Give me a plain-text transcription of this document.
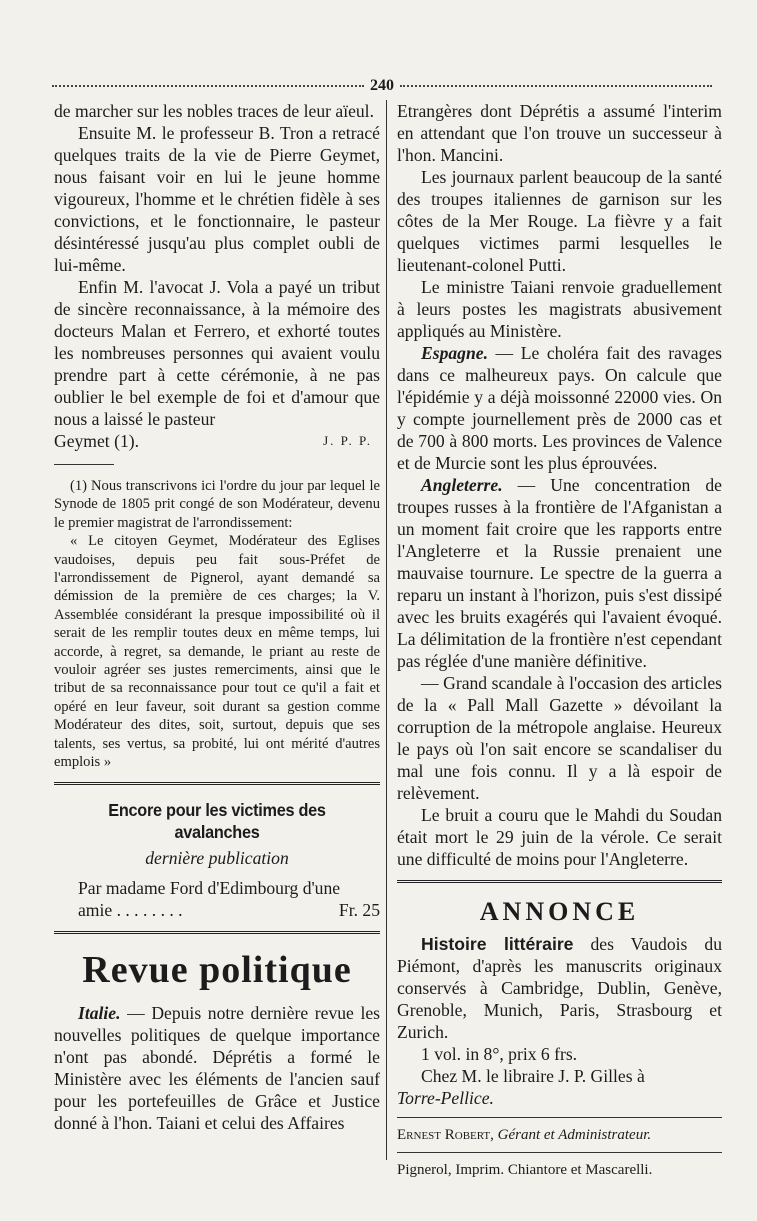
240

de marcher sur les nobles traces de leur aïeul.

Ensuite M. le professeur B. Tron a retracé quelques traits de la vie de Pierre Geymet, nous faisant voir en lui le jeune homme vigoureux, l'homme et le chrétien fidèle à ses convictions, et le fonctionnaire, le pasteur désintéressé jusqu'au plus complet oubli de lui-même.

Enfin M. l'avocat J. Vola a payé un tribut de sincère reconnaissance, à la mémoire des docteurs Malan et Ferrero, et exhorté toutes les nombreuses personnes qui avaient voulu prendre part à cette cérémonie, à ne pas oublier le bel exemple de foi et d'amour que nous a laissé le pasteur

Geymet (1).	J. P. P.

(1) Nous transcrivons ici l'ordre du jour par lequel le Synode de 1805 prit congé de son Modérateur, devenu le premier magistrat de l'arrondissement:

« Le citoyen Geymet, Modérateur des Eglises vaudoises, depuis peu fait sous-Préfet de l'arrondissement de Pignerol, ayant demandé sa démission de la première de ces charges; la V. Assemblée considérant la presque impossibilité où il serait de les remplir toutes deux en même temps, lui accorde, à regret, sa demande, le priant au reste de vouloir agréer ses justes remerciments, ainsi que le tribut de sa reconnaissance pour tout ce qu'il a fait et opéré en leur faveur, soit durant sa gestion comme Modérateur des dites, soit, surtout, depuis que ses talents, ses vertus, sa probité, lui ont mérité d'autres emplois »

Encore pour les victimes des avalanches
dernière publication

Par madame Ford d'Edimbourg d'une

amie . . . . . . . .	Fr. 25
Revue politique

Italie. — Depuis notre dernière revue les nouvelles politiques de quelque importance n'ont pas abondé. Déprétis a formé le Ministère avec les éléments de l'ancien sauf pour les portefeuilles de Grâce et Justice donné à l'hon. Taiani et celui des Affaires

Etrangères dont Déprétis a assumé l'interim en attendant que l'on trouve un successeur à l'hon. Mancini.

Les journaux parlent beaucoup de la santé des troupes italiennes de garnison sur les côtes de la Mer Rouge. La fièvre y a fait quelques victimes parmi lesquelles le lieutenant-colonel Putti.

Le ministre Taiani renvoie graduellement à leurs postes les magistrats abusivement appliqués au Ministère.

Espagne. — Le choléra fait des ravages dans ce malheureux pays. On calcule que l'épidémie y a déjà moissonné 22000 vies. On y compte journellement près de 2000 cas et de 700 à 800 morts. Les provinces de Valence et de Murcie sont les plus éprouvées.

Angleterre. — Une concentration de troupes russes à la frontière de l'Afganistan a un moment fait croire que les rapports entre l'Angleterre et la Russie prenaient une mauvaise tournure. Le spectre de la guerra a reparu un instant à l'horizon, puis s'est dissipé avec les bruits exagérés qui l'avaient évoqué. La délimitation de la frontière n'est cependant pas réglée d'une manière définitive.

— Grand scandale à l'occasion des articles de la « Pall Mall Gazette » dévoilant la corruption de la métropole anglaise. Heureux le pays où l'on sait encore se scandaliser du mal une fois connu. Il y a là espoir de relèvement.

Le bruit a couru que le Mahdi du Soudan était mort le 29 juin de la vérole. Ce serait une difficulté de moins pour l'Angleterre.

ANNONCE

Histoire littéraire des Vaudois du Piémont, d'après les manuscrits originaux conservés à Cambridge, Dublin, Genève, Grenoble, Munich, Paris, Strasbourg et Zurich.

1 vol. in 8°, prix 6 frs.

Chez M. le libraire J. P. Gilles à

Torre-Pellice.

Ernest Robert, Gérant et Administrateur.

Pignerol, Imprim. Chiantore et Mascarelli.
